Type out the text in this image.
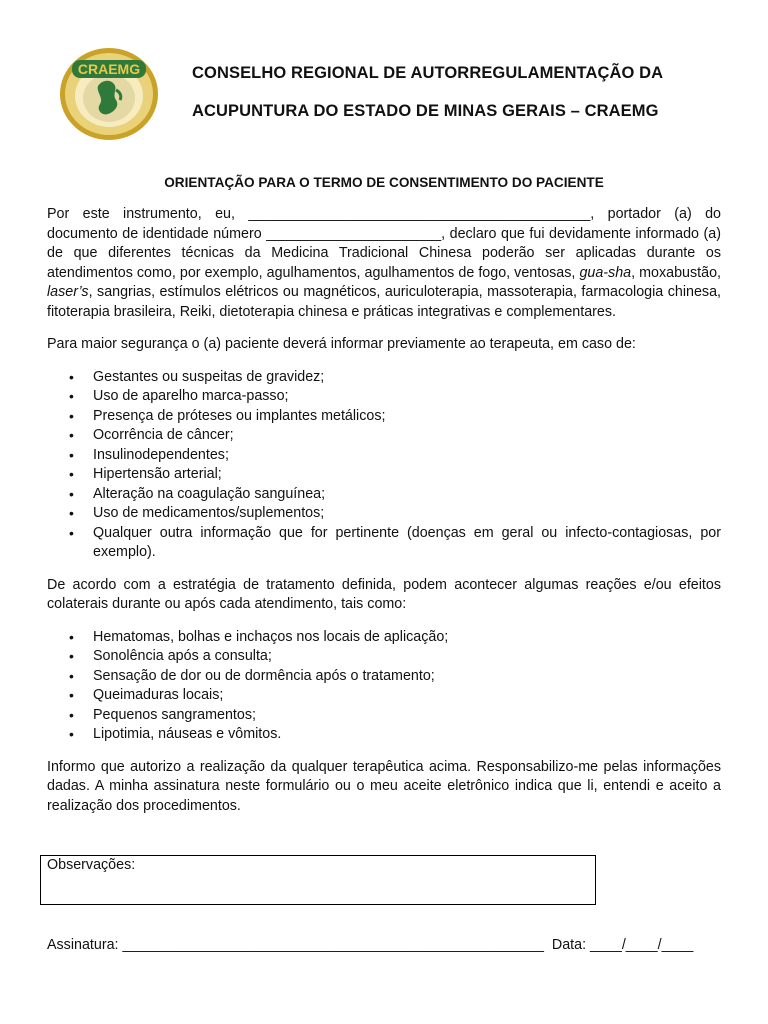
CRAEMG	CONSELHO REGIONAL DE AUTORREGULAMENTAÇÃO DA
ACUPUNTURA DO ESTADO DE MINAS GERAIS – CRAEMG
ORIENTAÇÃO PARA O TERMO DE CONSENTIMENTO DO PACIENTE

Por este instrumento, eu, ___________________________________________, portador (a) do documento de identidade número ______________________, declaro que fui devidamente informado (a) de que diferentes técnicas da Medicina Tradicional Chinesa poderão ser aplicadas durante os atendimentos como, por exemplo, agulhamentos, agulhamentos de fogo, ventosas, gua-sha, moxabustão, laser’s, sangrias, estímulos elétricos ou magnéticos, auriculoterapia, massoterapia, farmacologia chinesa, fitoterapia brasileira, Reiki, dietoterapia chinesa e práticas integrativas e complementares.

Para maior segurança o (a) paciente deverá informar previamente ao terapeuta, em caso de:

• Gestantes ou suspeitas de gravidez;
• Uso de aparelho marca-passo;
• Presença de próteses ou implantes metálicos;
• Ocorrência de câncer;
• Insulinodependentes;
• Hipertensão arterial;
• Alteração na coagulação sanguínea;
• Uso de medicamentos/suplementos;
• Qualquer outra informação que for pertinente (doenças em geral ou infecto-contagiosas, por exemplo).

De acordo com a estratégia de tratamento definida, podem acontecer algumas reações e/ou efeitos colaterais durante ou após cada atendimento, tais como:

• Hematomas, bolhas e inchaços nos locais de aplicação;
• Sonolência após a consulta;
• Sensação de dor ou de dormência após o tratamento;
• Queimaduras locais;
• Pequenos sangramentos;
• Lipotimia, náuseas e vômitos.

Informo que autorizo a realização da qualquer terapêutica acima. Responsabilizo-me pelas informações dadas. A minha assinatura neste formulário ou o meu aceite eletrônico indica que li, entendi e aceito a realização dos procedimentos.

Observações:
Assinatura: _____________________________________________________  Data: ____/____/____
